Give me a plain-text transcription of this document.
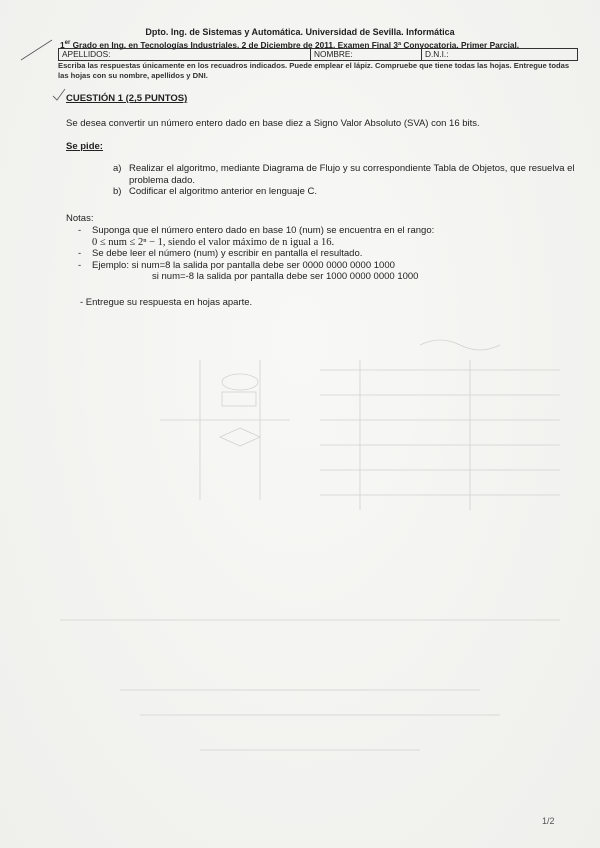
Dpto. Ing. de Sistemas y Automática. Universidad de Sevilla. Informática
1er Grado en Ing. en Tecnologías Industriales. 2 de Diciembre de 2011. Examen Final 3ª Convocatoria. Primer Parcial.
APELLIDOS:	NOMBRE:	D.N.I.:
Escriba las respuestas únicamente en los recuadros indicados. Puede emplear el lápiz. Compruebe que tiene todas las hojas. Entregue todas las hojas con su nombre, apellidos y DNI.
CUESTIÓN 1 (2,5 PUNTOS)
Se desea convertir un número entero dado en base diez a Signo Valor Absoluto (SVA) con 16 bits.
Se pide:
a) Realizar el algoritmo, mediante Diagrama de Flujo y su correspondiente Tabla de Objetos, que resuelva el problema dado.
b) Codificar el algoritmo anterior en lenguaje C.
Notas:
- Suponga que el número entero dado en base 10 (num) se encuentra en el rango:
0 ≤ num ≤ 2ⁿ − 1, siendo el valor máximo de n igual a 16.
- Se debe leer el número (num) y escribir en pantalla el resultado.
- Ejemplo: si num=8 la salida por pantalla debe ser 0000 0000 0000 1000
si num=-8 la salida por pantalla debe ser 1000 0000 0000 1000
- Entregue su respuesta en hojas aparte.
1/2
